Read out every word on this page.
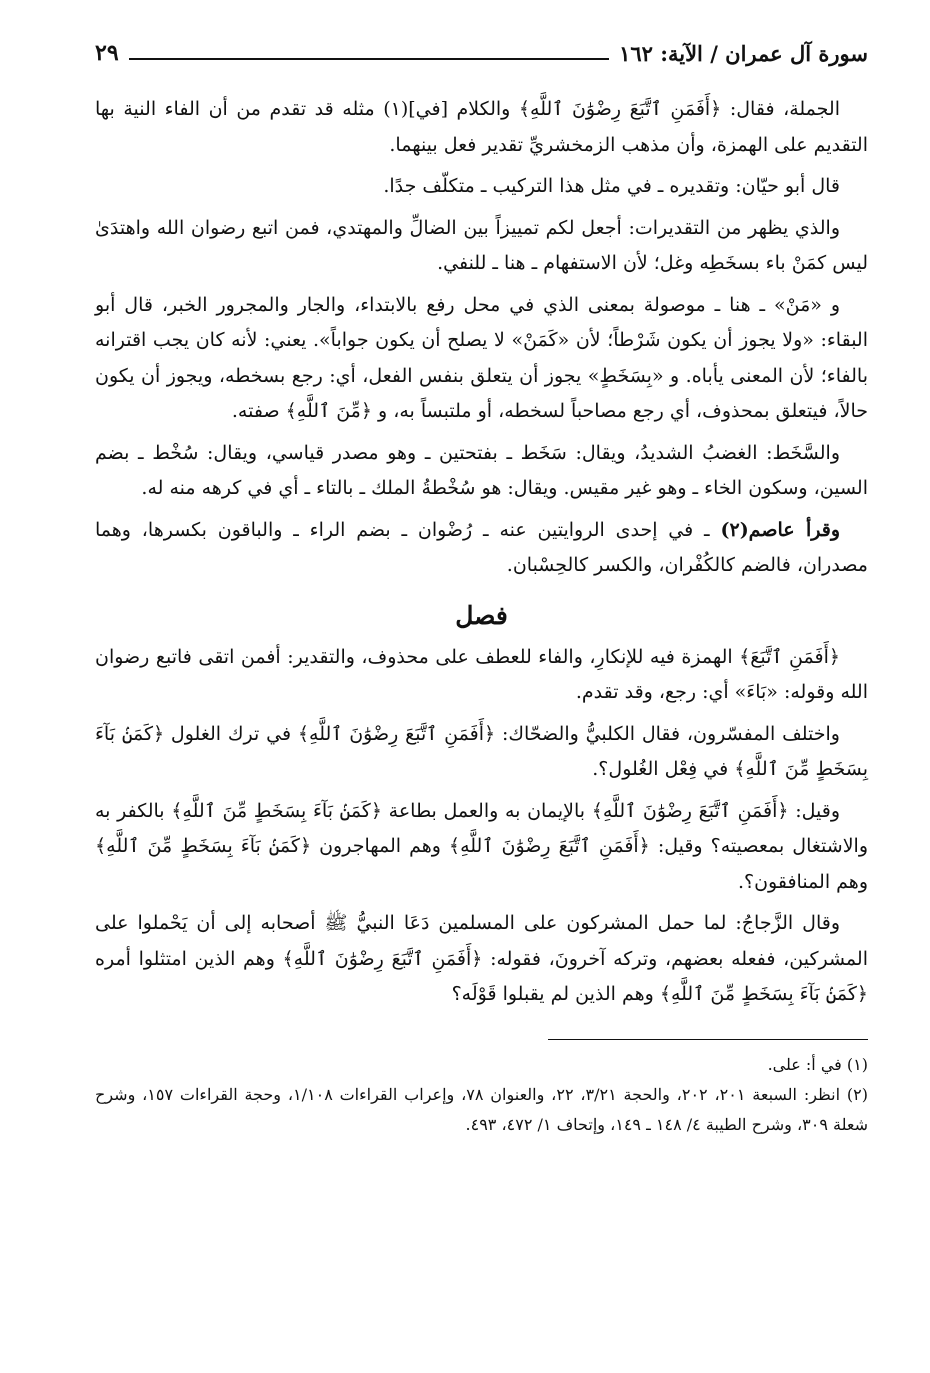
سورة آل عمران / الآية: ١٦٢
٢٩

الجملة، فقال: ﴿أَفَمَنِ ٱتَّبَعَ رِضْوَٰنَ ٱللَّهِ﴾ والكلام [في](١) مثله قد تقدم من أن الفاء النية بها التقديم على الهمزة، وأن مذهب الزمخشريِّ تقدير فعل بينهما.

قال أبو حيّان: وتقديره ـ في مثل هذا التركيب ـ متكلّف جدًا.

والذي يظهر من التقديرات: أجعل لكم تمييزاً بين الضالِّ والمهتدي، فمن اتبع رضوان الله واهتدَىٰ ليس كمَنْ باء بسخَطِه وغل؛ لأن الاستفهام ـ هنا ـ للنفي.

و «مَنْ» ـ هنا ـ موصولة بمعنى الذي في محل رفع بالابتداء، والجار والمجرور الخبر، قال أبو البقاء: «ولا يجوز أن يكون شَرْطاً؛ لأن «كَمَنْ» لا يصلح أن يكون جواباً». يعني: لأنه كان يجب اقترانه بالفاء؛ لأن المعنى يأباه. و «بِسَخَطٍ» يجوز أن يتعلق بنفس الفعل، أي: رجع بسخطه، ويجوز أن يكون حالاً، فيتعلق بمحذوف، أي رجع مصاحباً لسخطه، أو ملتبساً به، و ﴿مِّنَ ٱللَّهِ﴾ صفته.

والسَّخَط: الغضبُ الشديدُ، ويقال: سَخَط ـ بفتحتين ـ وهو مصدر قياسي، ويقال: سُخْط ـ بضم السين، وسكون الخاء ـ وهو غير مقيس. ويقال: هو سُخْطةُ الملك ـ بالتاء ـ أي في كرهه منه له.

وقرأ عاصم(٢) ـ في إحدى الروايتين عنه ـ رُضْوان ـ بضم الراء ـ والباقون بكسرها، وهما مصدران، فالضم كالكُفْران، والكسر كالحِسْبان.

فصل

﴿أَفَمَنِ ٱتَّبَعَ﴾ الهمزة فيه للإنكارِ، والفاء للعطف على محذوف، والتقدير: أفمن اتقى فاتبع رضوان الله وقوله: «بَاءَ» أي: رجع، وقد تقدم.

واختلف المفسّرون، فقال الكلبيُّ والضحّاك: ﴿أَفَمَنِ ٱتَّبَعَ رِضْوَٰنَ ٱللَّهِ﴾ في ترك الغلول ﴿كَمَنۢ بَآءَ بِسَخَطٍ مِّنَ ٱللَّهِ﴾ في فِعْل الغُلول؟.

وقيل: ﴿أَفَمَنِ ٱتَّبَعَ رِضْوَٰنَ ٱللَّهِ﴾ بالإيمان به والعمل بطاعة ﴿كَمَنۢ بَآءَ بِسَخَطٍ مِّنَ ٱللَّهِ﴾ بالكفر به والاشتغال بمعصيته؟ وقيل: ﴿أَفَمَنِ ٱتَّبَعَ رِضْوَٰنَ ٱللَّهِ﴾ وهم المهاجرون ﴿كَمَنۢ بَآءَ بِسَخَطٍ مِّنَ ٱللَّهِ﴾ وهم المنافقون؟.

وقال الزَّجاجُ: لما حمل المشركون على المسلمين دَعَا النبيُّ ﷺ أصحابه إلى أن يَحْملوا على المشركين، ففعله بعضهم، وتركه آخرونَ، فقوله: ﴿أَفَمَنِ ٱتَّبَعَ رِضْوَٰنَ ٱللَّهِ﴾ وهم الذين امتثلوا أمره ﴿كَمَنۢ بَآءَ بِسَخَطٍ مِّنَ ٱللَّهِ﴾ وهم الذين لم يقبلوا قَوْلَه؟

(١) في أ: على.

(٢) انظر: السبعة ٢٠١، ٢٠٢، والحجة ٣/٢١، ٢٢، والعنوان ٧٨، وإعراب القراءات ١/١٠٨، وحجة القراءات ١٥٧، وشرح شعلة ٣٠٩، وشرح الطيبة ٤/ ١٤٨ ـ ١٤٩، وإتحاف ١/ ٤٧٢، ٤٩٣.
